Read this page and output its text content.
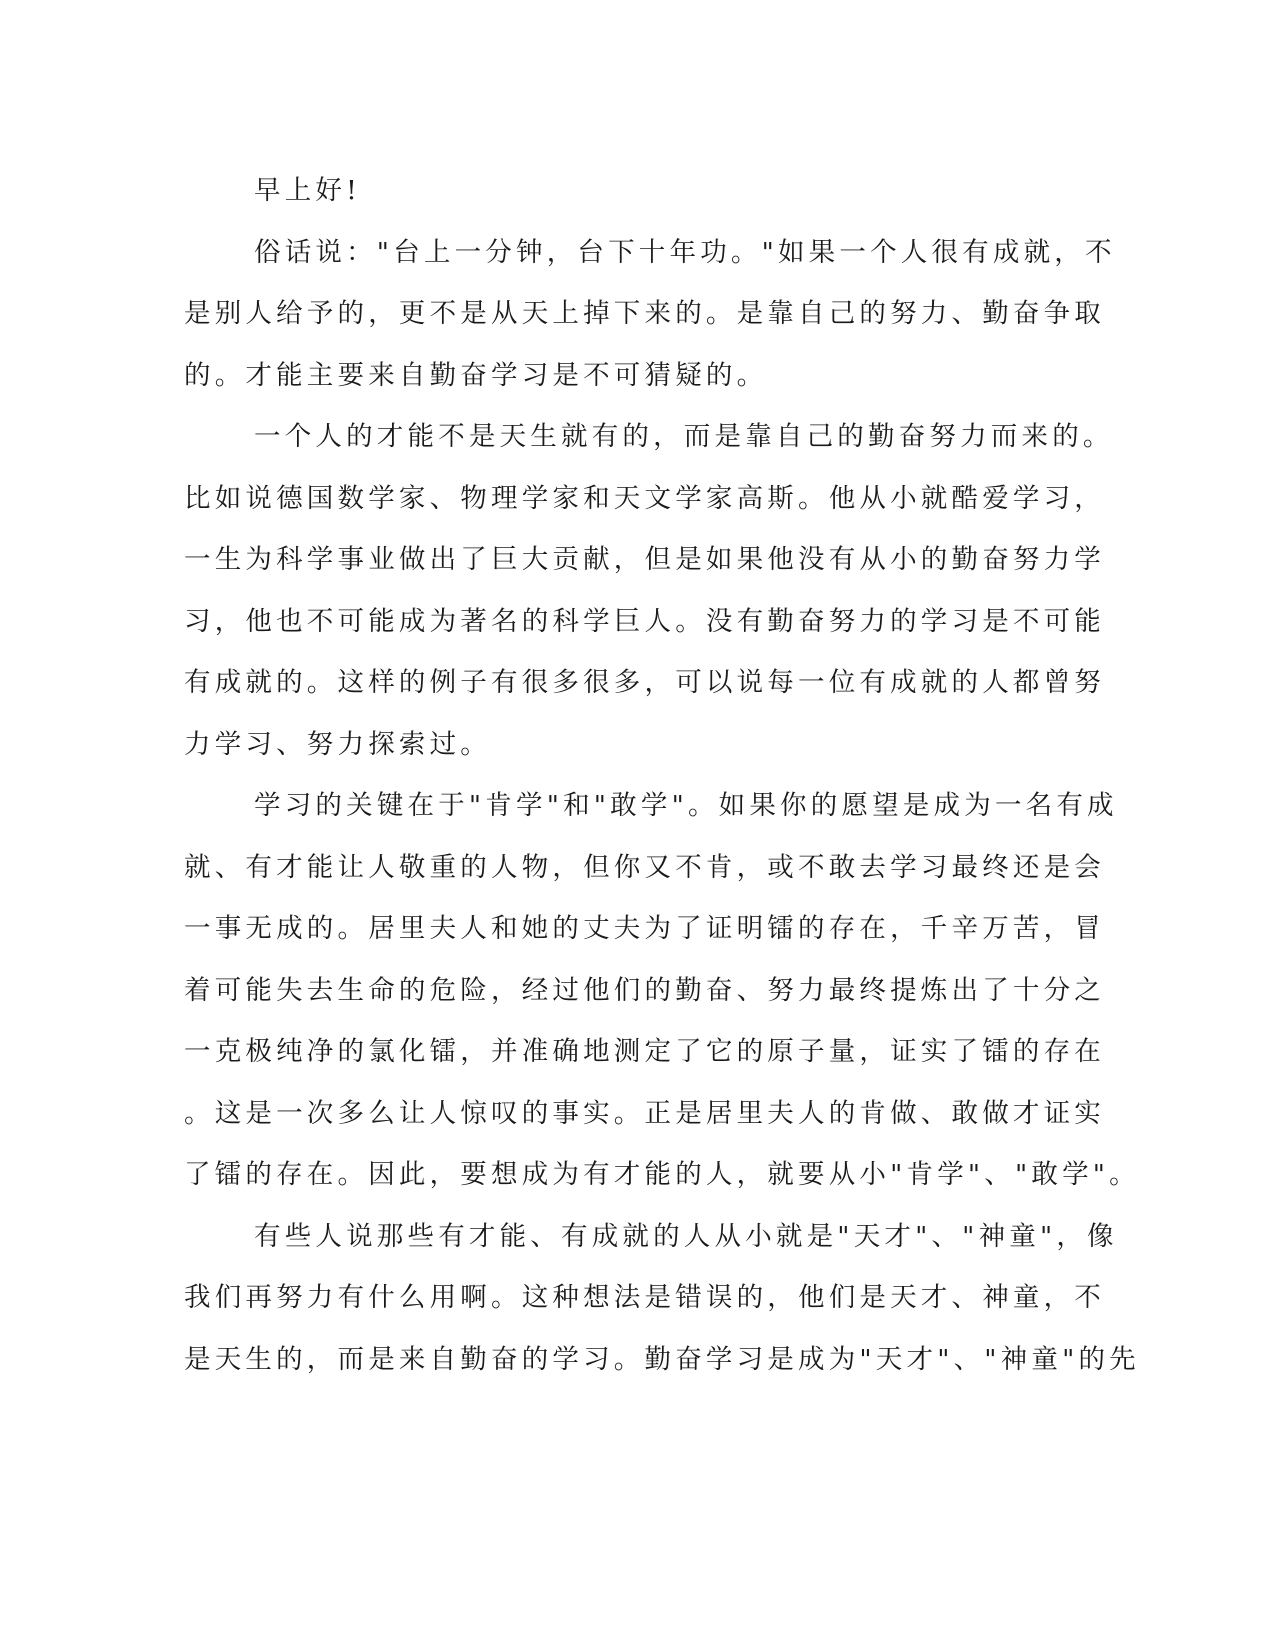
早上好!
俗话说："台上一分钟，台下十年功。"如果一个人很有成就，不
是别人给予的，更不是从天上掉下来的。是靠自己的努力、勤奋争取
的。才能主要来自勤奋学习是不可猜疑的。
一个人的才能不是天生就有的，而是靠自己的勤奋努力而来的。
比如说德国数学家、物理学家和天文学家高斯。他从小就酷爱学习，
一生为科学事业做出了巨大贡献，但是如果他没有从小的勤奋努力学
习，他也不可能成为著名的科学巨人。没有勤奋努力的学习是不可能
有成就的。这样的例子有很多很多，可以说每一位有成就的人都曾努
力学习、努力探索过。
学习的关键在于"肯学"和"敢学"。如果你的愿望是成为一名有成
就、有才能让人敬重的人物，但你又不肯，或不敢去学习最终还是会
一事无成的。居里夫人和她的丈夫为了证明镭的存在，千辛万苦，冒
着可能失去生命的危险，经过他们的勤奋、努力最终提炼出了十分之
一克极纯净的氯化镭，并准确地测定了它的原子量，证实了镭的存在
。这是一次多么让人惊叹的事实。正是居里夫人的肯做、敢做才证实
了镭的存在。因此，要想成为有才能的人，就要从小"肯学"、"敢学"。
有些人说那些有才能、有成就的人从小就是"天才"、"神童"，像
我们再努力有什么用啊。这种想法是错误的，他们是天才、神童，不
是天生的，而是来自勤奋的学习。勤奋学习是成为"天才"、"神童"的先
